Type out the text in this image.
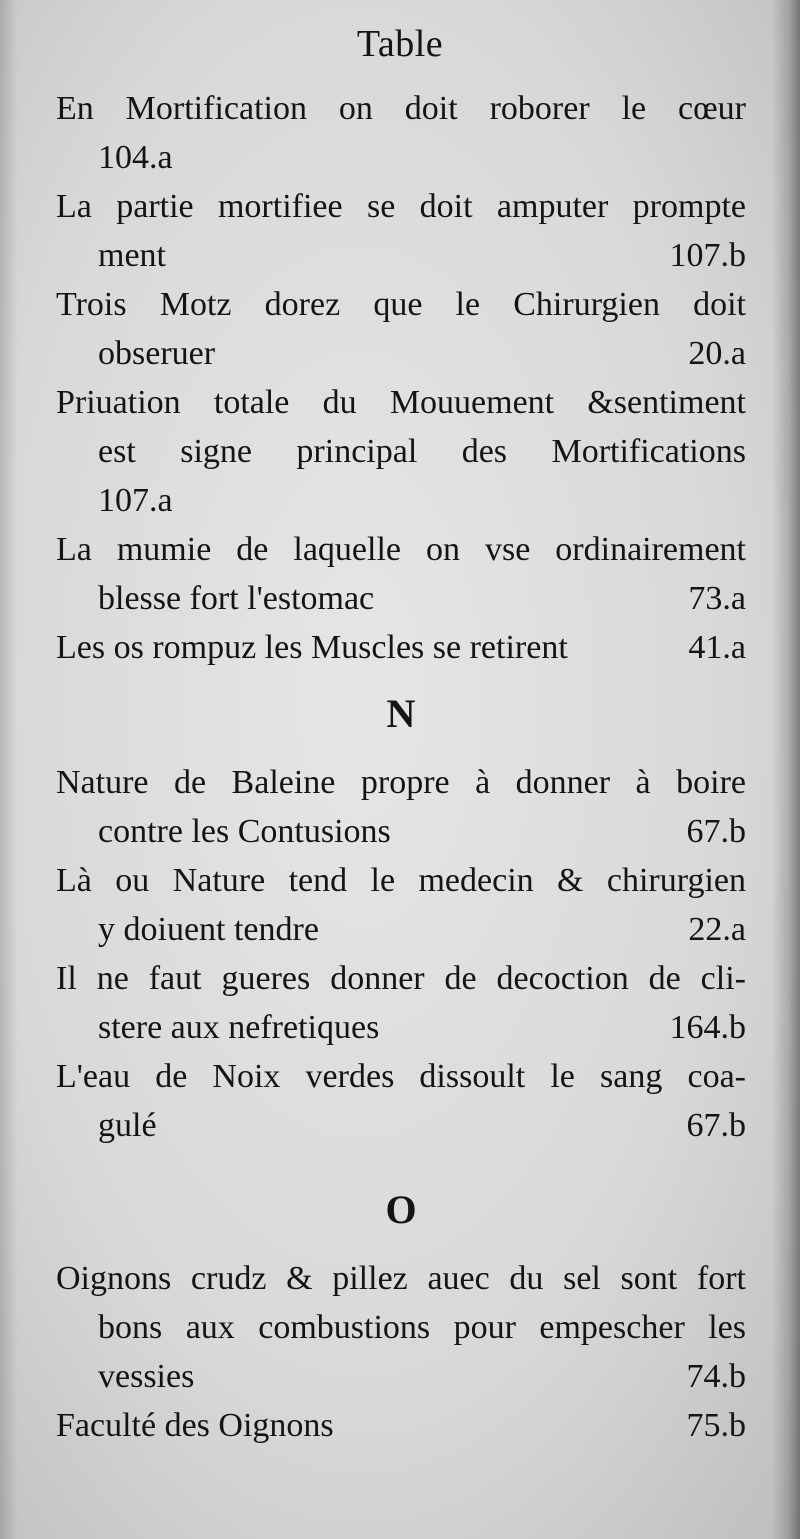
Table
En Mortification on doit roborer le cœur
104.a
La partie mortifiee se doit amputer prompte
ment	107.b
Trois Motz dorez que le Chirurgien doit
obseruer	20.a
Priuation totale du Mouuement &sentiment
est signe principal des Mortifications
107.a
La mumie de laquelle on vse ordinairement
blesse fort l'estomac	73.a
Les os rompuz les Muscles se retirent	41.a
N
Nature de Baleine propre à donner à boire
contre les Contusions	67.b
Là ou Nature tend le medecin & chirurgien
y doiuent tendre	22.a
Il ne faut gueres donner de decoction de cli-
stere aux nefretiques	164.b
L'eau de Noix verdes dissoult le sang coa-
gulé	67.b
O
Oignons crudz & pillez auec du sel sont fort
bons aux combustions pour empescher les
vessies	74.b
Faculté des Oignons	75.b
